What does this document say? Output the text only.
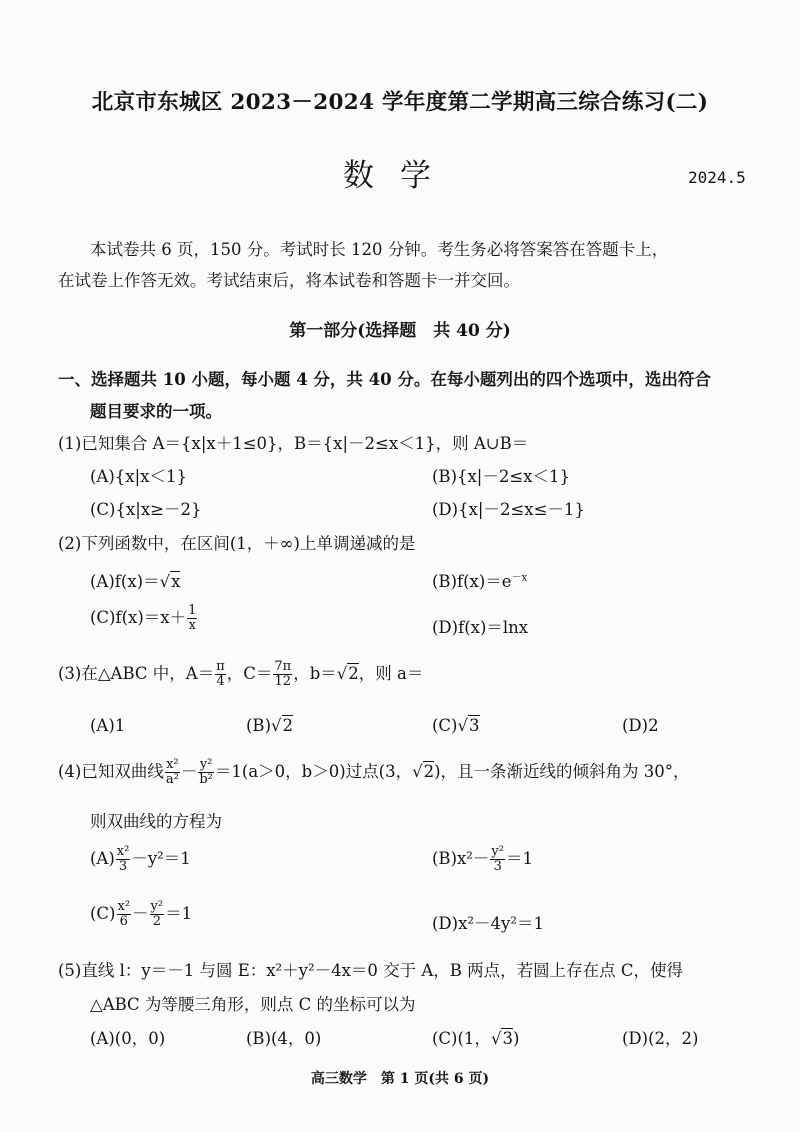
北京市东城区 2023－2024 学年度第二学期高三综合练习(二)
数学	2024.5
本试卷共 6 页，150 分。考试时长 120 分钟。考生务必将答案答在答题卡上，
在试卷上作答无效。考试结束后，将本试卷和答题卡一并交回。
第一部分(选择题　共 40 分)
一、选择题共 10 小题，每小题 4 分，共 40 分。在每小题列出的四个选项中，选出符合
题目要求的一项。
(1)已知集合 A＝{x|x＋1≤0}，B＝{x|－2≤x＜1}，则 A∪B＝
(A){x|x＜1}	(B){x|－2≤x＜1}
(C){x|x≥－2}	(D){x|－2≤x≤－1}
(2)下列函数中，在区间(1，＋∞)上单调递减的是
(A)f(x)＝√x	$(B)f(x)=e^{-x}$
$(C)f(x)=x+ \frac{1}{x}$	(D)f(x)＝lnx
(3)在△ABC 中，$A= \frac{\pi}{4}$ ，$C= \frac{7\pi}{12}$ ，b＝√2，则 a＝
(A)1	(B)√2	(C)√3	(D)2
(4)已知双曲线 $\frac{\text{x²}}{\text{a²}} - \frac{\text{y²}}{\text{b²}} =1(a>0$，b＞0)过点(3，√2)，且一条渐近线的倾斜角为 30°，
则双曲线的方程为
$(A) \frac{\text{x²}}{3} -y^2=1$	$(B)x^2- \frac{\text{y²}}{3} =1$
$(C) \frac{\text{x²}}{6} - \frac{\text{y²}}{2} =1$
(D)x²－4y²＝1
(5)直线 l：y＝－1 与圆 E：x²＋y²－4x＝0 交于 A，B 两点，若圆上存在点 C，使得
△ABC 为等腰三角形，则点 C 的坐标可以为
(A)(0，0)	(B)(4，0)	(C)(1，√3)	(D)(2，2)
高三数学　第 1 页(共 6 页)
